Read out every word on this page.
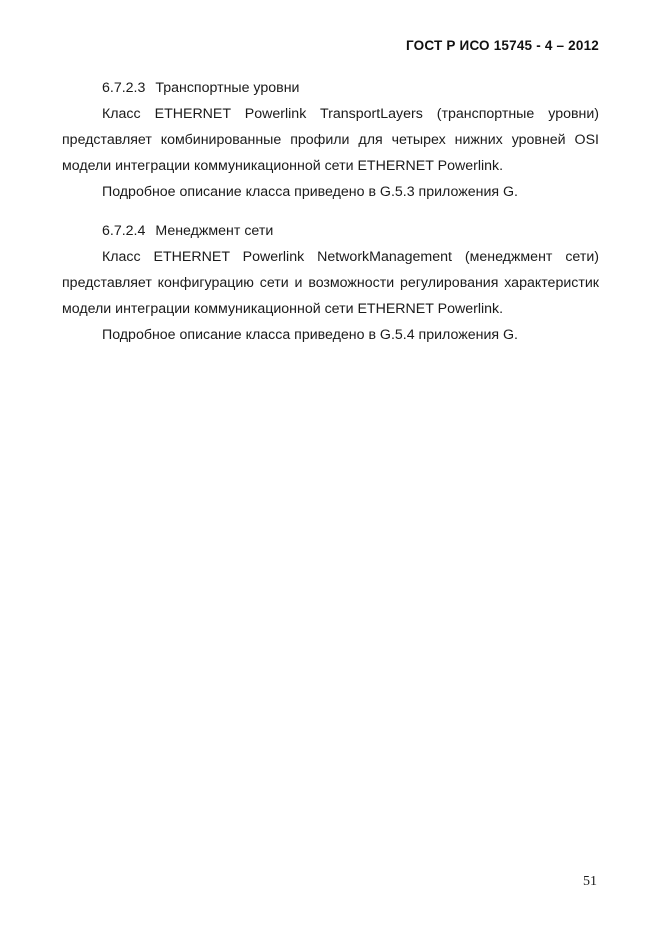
ГОСТ Р ИСО 15745 - 4 – 2012
6.7.2.3 Транспортные уровни

Класс ETHERNET Powerlink TransportLayers (транспортные уровни) представляет комбинированные профили для четырех нижних уровней OSI модели интеграции коммуникационной сети ETHERNET Powerlink.

Подробное описание класса приведено в G.5.3 приложения G.

6.7.2.4 Менеджмент сети

Класс ETHERNET Powerlink NetworkManagement (менеджмент сети) представляет конфигурацию сети и возможности регулирования характеристик модели интеграции коммуникационной сети ETHERNET Powerlink.

Подробное описание класса приведено в G.5.4 приложения G.

51
